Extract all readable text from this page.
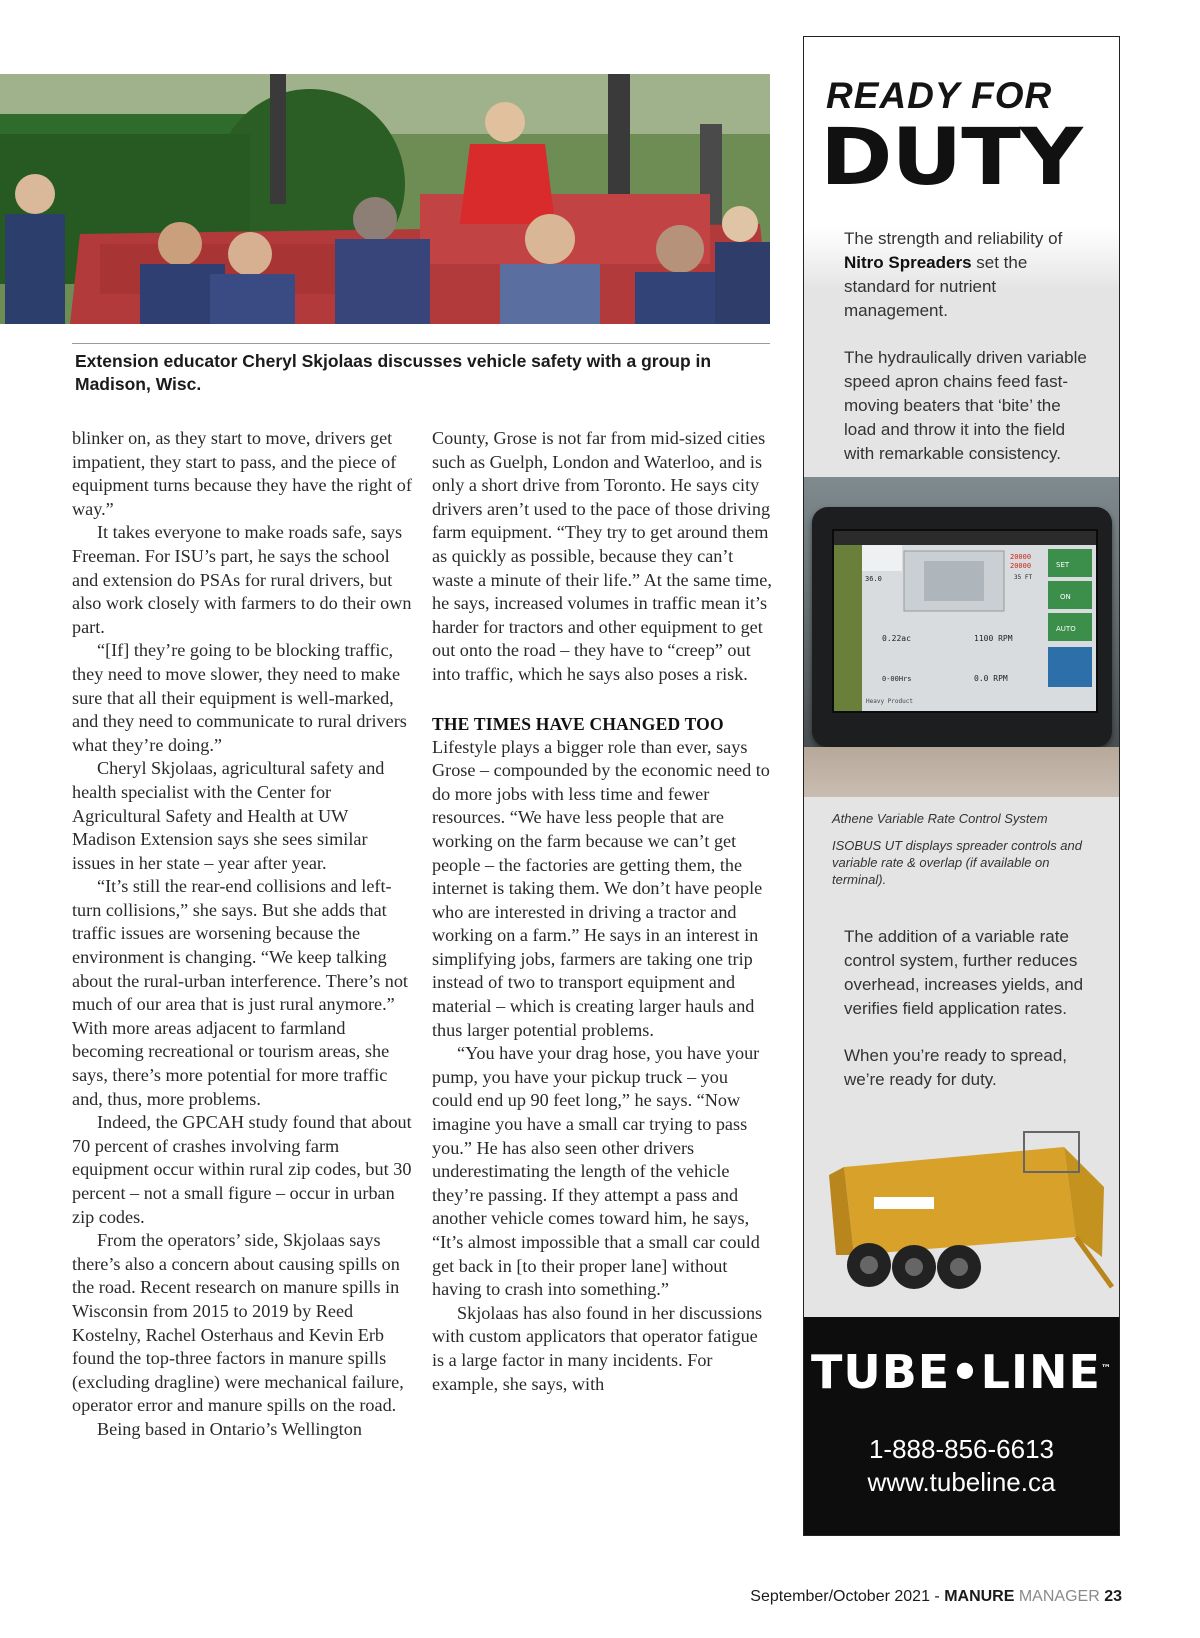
Extension educator Cheryl Skjolaas discusses vehicle safety with a group in Madison, Wisc.

blinker on, as they start to move, drivers get impatient, they start to pass, and the piece of equipment turns because they have the right of way.”

It takes everyone to make roads safe, says Freeman. For ISU’s part, he says the school and extension do PSAs for rural drivers, but also work closely with farmers to do their own part.

“[If] they’re going to be blocking traffic, they need to move slower, they need to make sure that all their equipment is well-marked, and they need to communicate to rural drivers what they’re doing.”

Cheryl Skjolaas, agricultural safety and health specialist with the Center for Agricultural Safety and Health at UW Madison Extension says she sees similar issues in her state – year after year.

“It’s still the rear-end collisions and left-turn collisions,” she says. But she adds that traffic issues are worsening because the environment is changing. “We keep talking about the rural-urban interference. There’s not much of our area that is just rural anymore.” With more areas adjacent to farmland becoming recreational or tourism areas, she says, there’s more potential for more traffic and, thus, more problems.

Indeed, the GPCAH study found that about 70 percent of crashes involving farm equipment occur within rural zip codes, but 30 percent – not a small figure – occur in urban zip codes.

From the operators’ side, Skjolaas says there’s also a concern about causing spills on the road. Recent research on manure spills in Wisconsin from 2015 to 2019 by Reed Kostelny, Rachel Osterhaus and Kevin Erb found the top-three factors in manure spills (excluding dragline) were mechanical failure, operator error and manure spills on the road.

Being based in Ontario’s Wellington

County, Grose is not far from mid-sized cities such as Guelph, London and Waterloo, and is only a short drive from Toronto. He says city drivers aren’t used to the pace of those driving farm equipment. “They try to get around them as quickly as possible, because they can’t waste a minute of their life.” At the same time, he says, increased volumes in traffic mean it’s harder for tractors and other equipment to get out onto the road – they have to “creep” out into traffic, which he says also poses a risk.

THE TIMES HAVE CHANGED TOO

Lifestyle plays a bigger role than ever, says Grose – compounded by the economic need to do more jobs with less time and fewer resources. “We have less people that are working on the farm because we can’t get people – the factories are getting them, the internet is taking them. We don’t have people who are interested in driving a tractor and working on a farm.” He says in an interest in simplifying jobs, farmers are taking one trip instead of two to transport equipment and material – which is creating larger hauls and thus larger potential problems.

“You have your drag hose, you have your pump, you have your pickup truck – you could end up 90 feet long,” he says. “Now imagine you have a small car trying to pass you.” He has also seen other drivers underestimating the length of the vehicle they’re passing. If they attempt a pass and another vehicle comes toward him, he says, “It’s almost impossible that a small car could get back in [to their proper lane] without having to crash into something.”

Skjolaas has also found in her discussions with custom applicators that operator fatigue is a large factor in many incidents. For example, she says, with

READY FOR
DUTY

The strength and reliability of Nitro Spreaders set the standard for nutrient management.

The hydraulically driven variable speed apron chains feed fast-moving beaters that ‘bite’ the load and throw it into the field with remarkable consistency.

36.0
20000
20000
35 FT
SET
ON
AUTO
0.22ac	1100 RPM
0-00Hrs	0.0 RPM
Heavy Product
Athene Variable Rate Control System
ISOBUS UT displays spreader controls and variable rate & overlap (if available on terminal).

The addition of a variable rate control system, further reduces overhead, increases yields, and verifies field application rates.

When you’re ready to spread, we’re ready for duty.

TUBE•LINE™
1-888-856-6613
www.tubeline.ca
September/October 2021 - MANURE MANAGER 23
